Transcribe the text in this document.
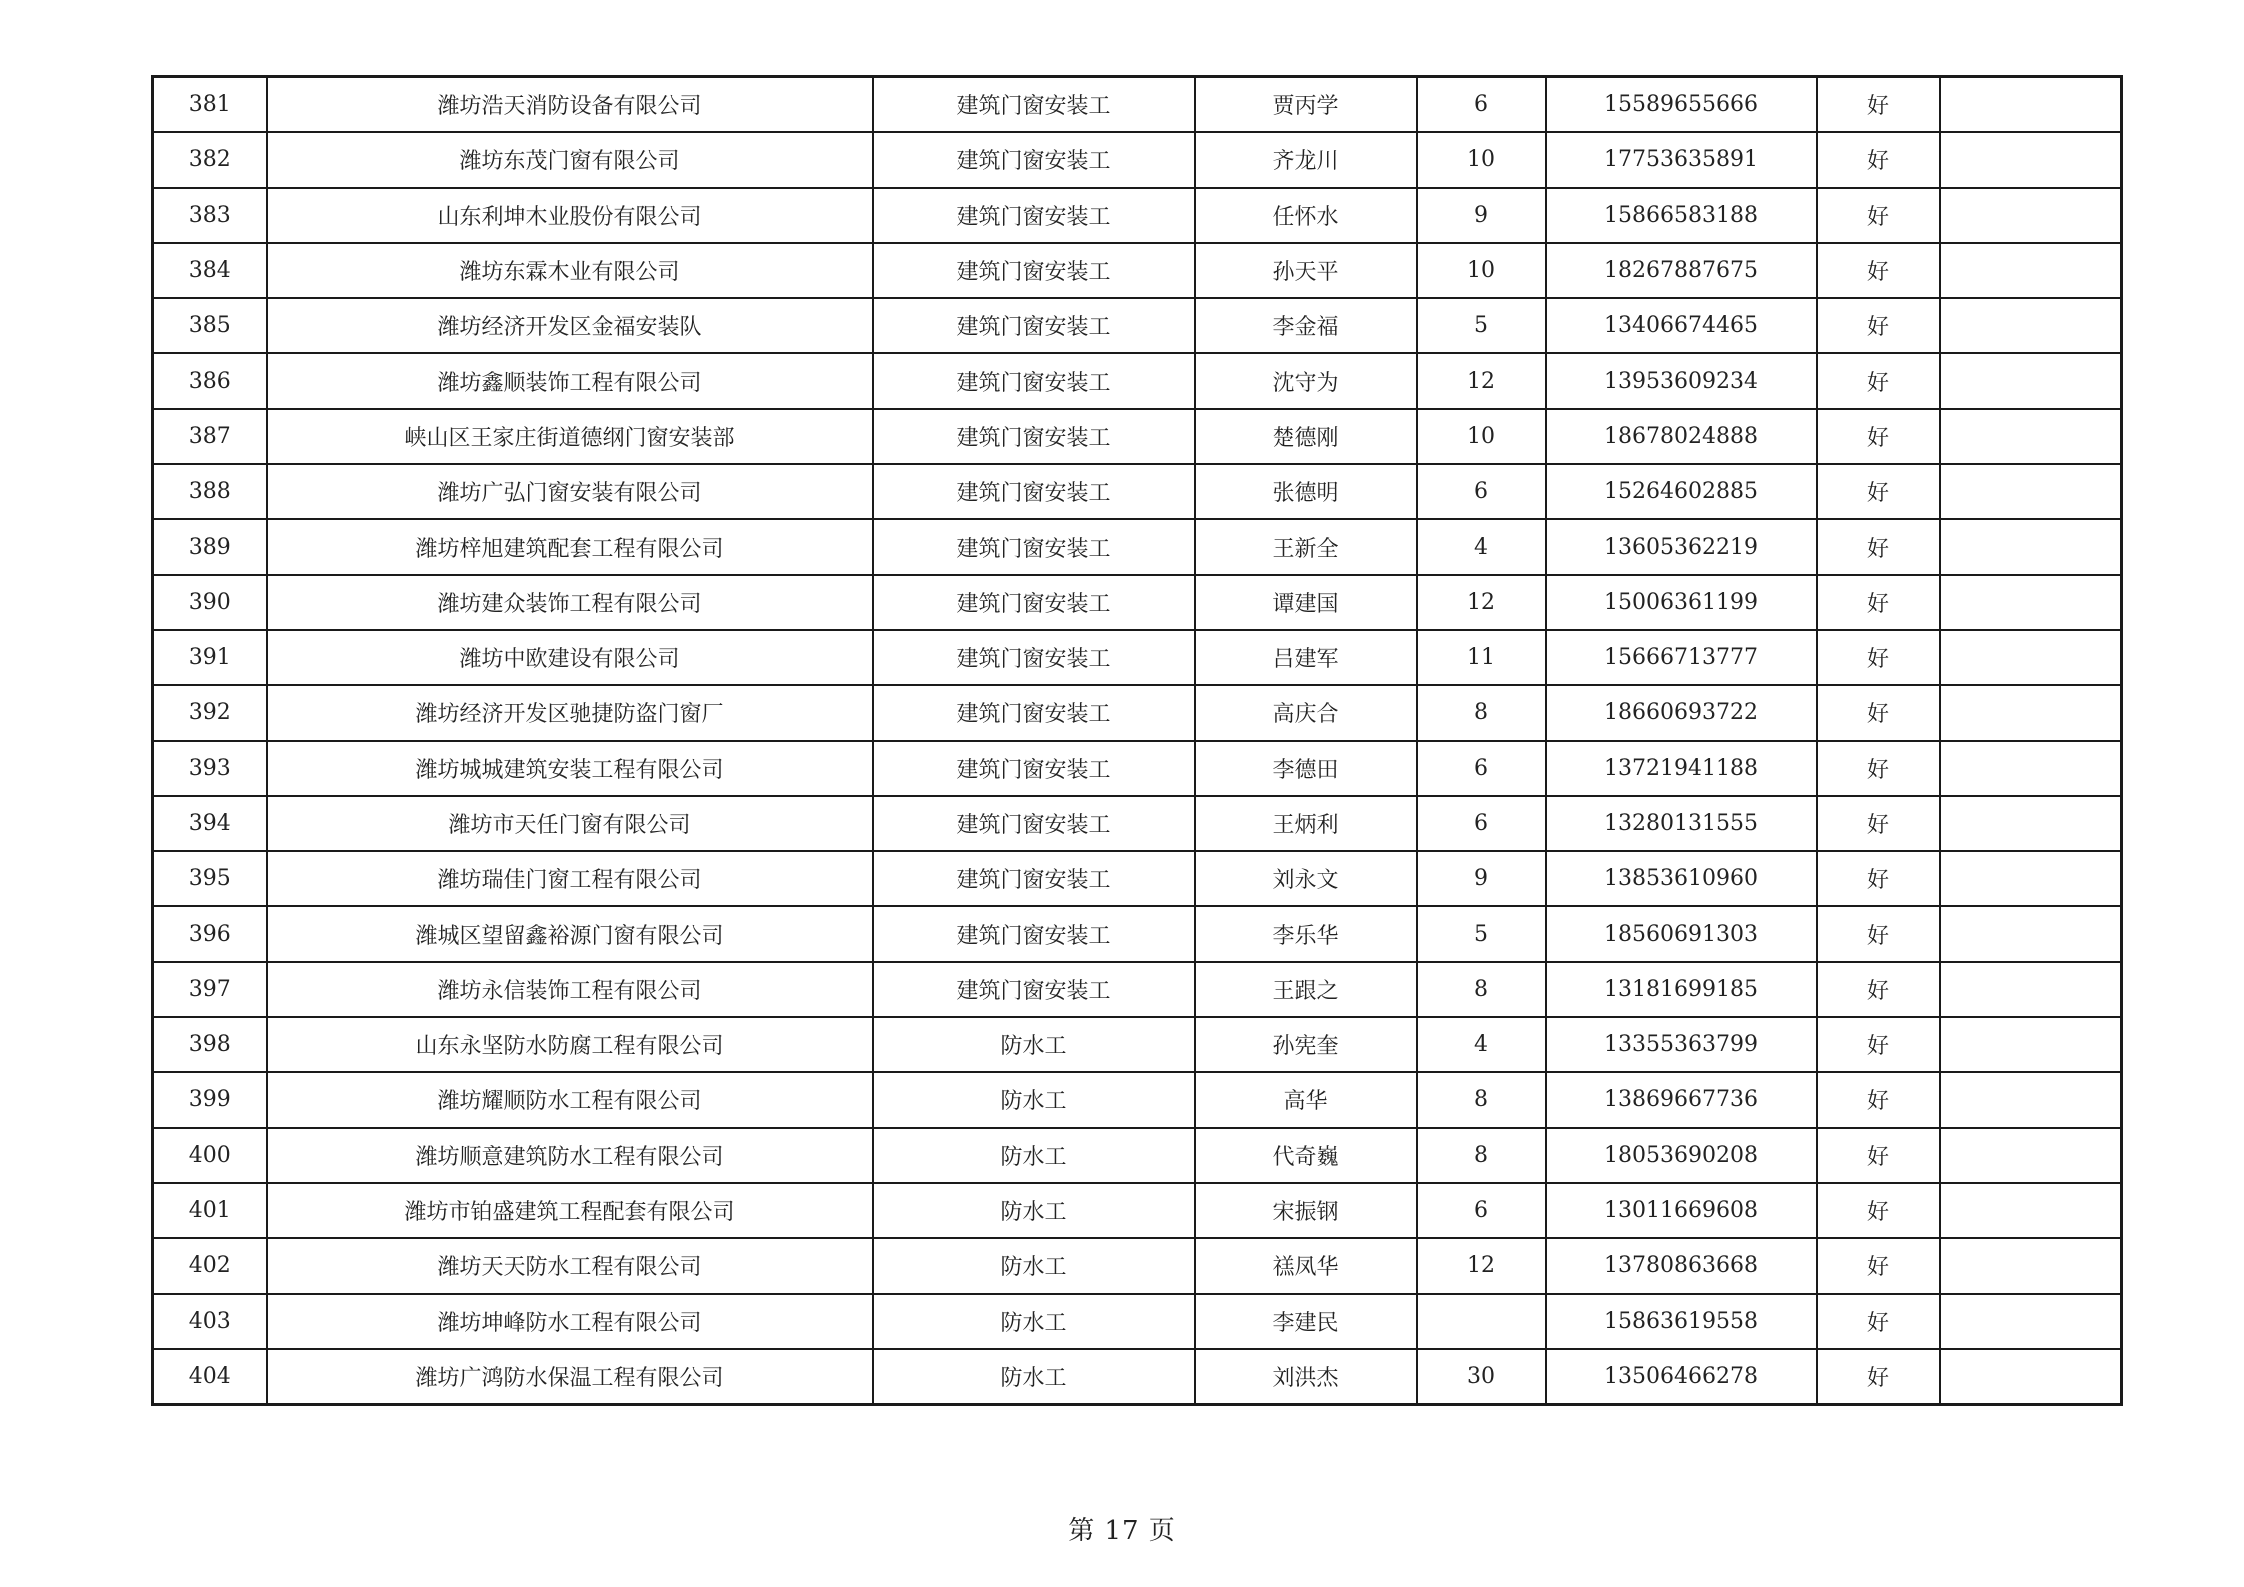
381	潍坊浩天消防设备有限公司	建筑门窗安装工	贾丙学	6	15589655666	好	
382	潍坊东茂门窗有限公司	建筑门窗安装工	齐龙川	10	17753635891	好	
383	山东利坤木业股份有限公司	建筑门窗安装工	任怀水	9	15866583188	好	
384	潍坊东霖木业有限公司	建筑门窗安装工	孙天平	10	18267887675	好	
385	潍坊经济开发区金福安装队	建筑门窗安装工	李金福	5	13406674465	好	
386	潍坊鑫顺装饰工程有限公司	建筑门窗安装工	沈守为	12	13953609234	好	
387	峡山区王家庄街道德纲门窗安装部	建筑门窗安装工	楚德刚	10	18678024888	好	
388	潍坊广弘门窗安装有限公司	建筑门窗安装工	张德明	6	15264602885	好	
389	潍坊梓旭建筑配套工程有限公司	建筑门窗安装工	王新全	4	13605362219	好	
390	潍坊建众装饰工程有限公司	建筑门窗安装工	谭建国	12	15006361199	好	
391	潍坊中欧建设有限公司	建筑门窗安装工	吕建军	11	15666713777	好	
392	潍坊经济开发区驰捷防盗门窗厂	建筑门窗安装工	高庆合	8	18660693722	好	
393	潍坊城城建筑安装工程有限公司	建筑门窗安装工	李德田	6	13721941188	好	
394	潍坊市天任门窗有限公司	建筑门窗安装工	王炳利	6	13280131555	好	
395	潍坊瑞佳门窗工程有限公司	建筑门窗安装工	刘永文	9	13853610960	好	
396	潍城区望留鑫裕源门窗有限公司	建筑门窗安装工	李乐华	5	18560691303	好	
397	潍坊永信装饰工程有限公司	建筑门窗安装工	王跟之	8	13181699185	好	
398	山东永坚防水防腐工程有限公司	防水工	孙宪奎	4	13355363799	好	
399	潍坊耀顺防水工程有限公司	防水工	高华	8	13869667736	好	
400	潍坊顺意建筑防水工程有限公司	防水工	代奇巍	8	18053690208	好	
401	潍坊市铂盛建筑工程配套有限公司	防水工	宋振钢	6	13011669608	好	
402	潍坊天天防水工程有限公司	防水工	禚凤华	12	13780863668	好	
403	潍坊坤峰防水工程有限公司	防水工	李建民		15863619558	好	
404	潍坊广鸿防水保温工程有限公司	防水工	刘洪杰	30	13506466278	好	
第 17 页
